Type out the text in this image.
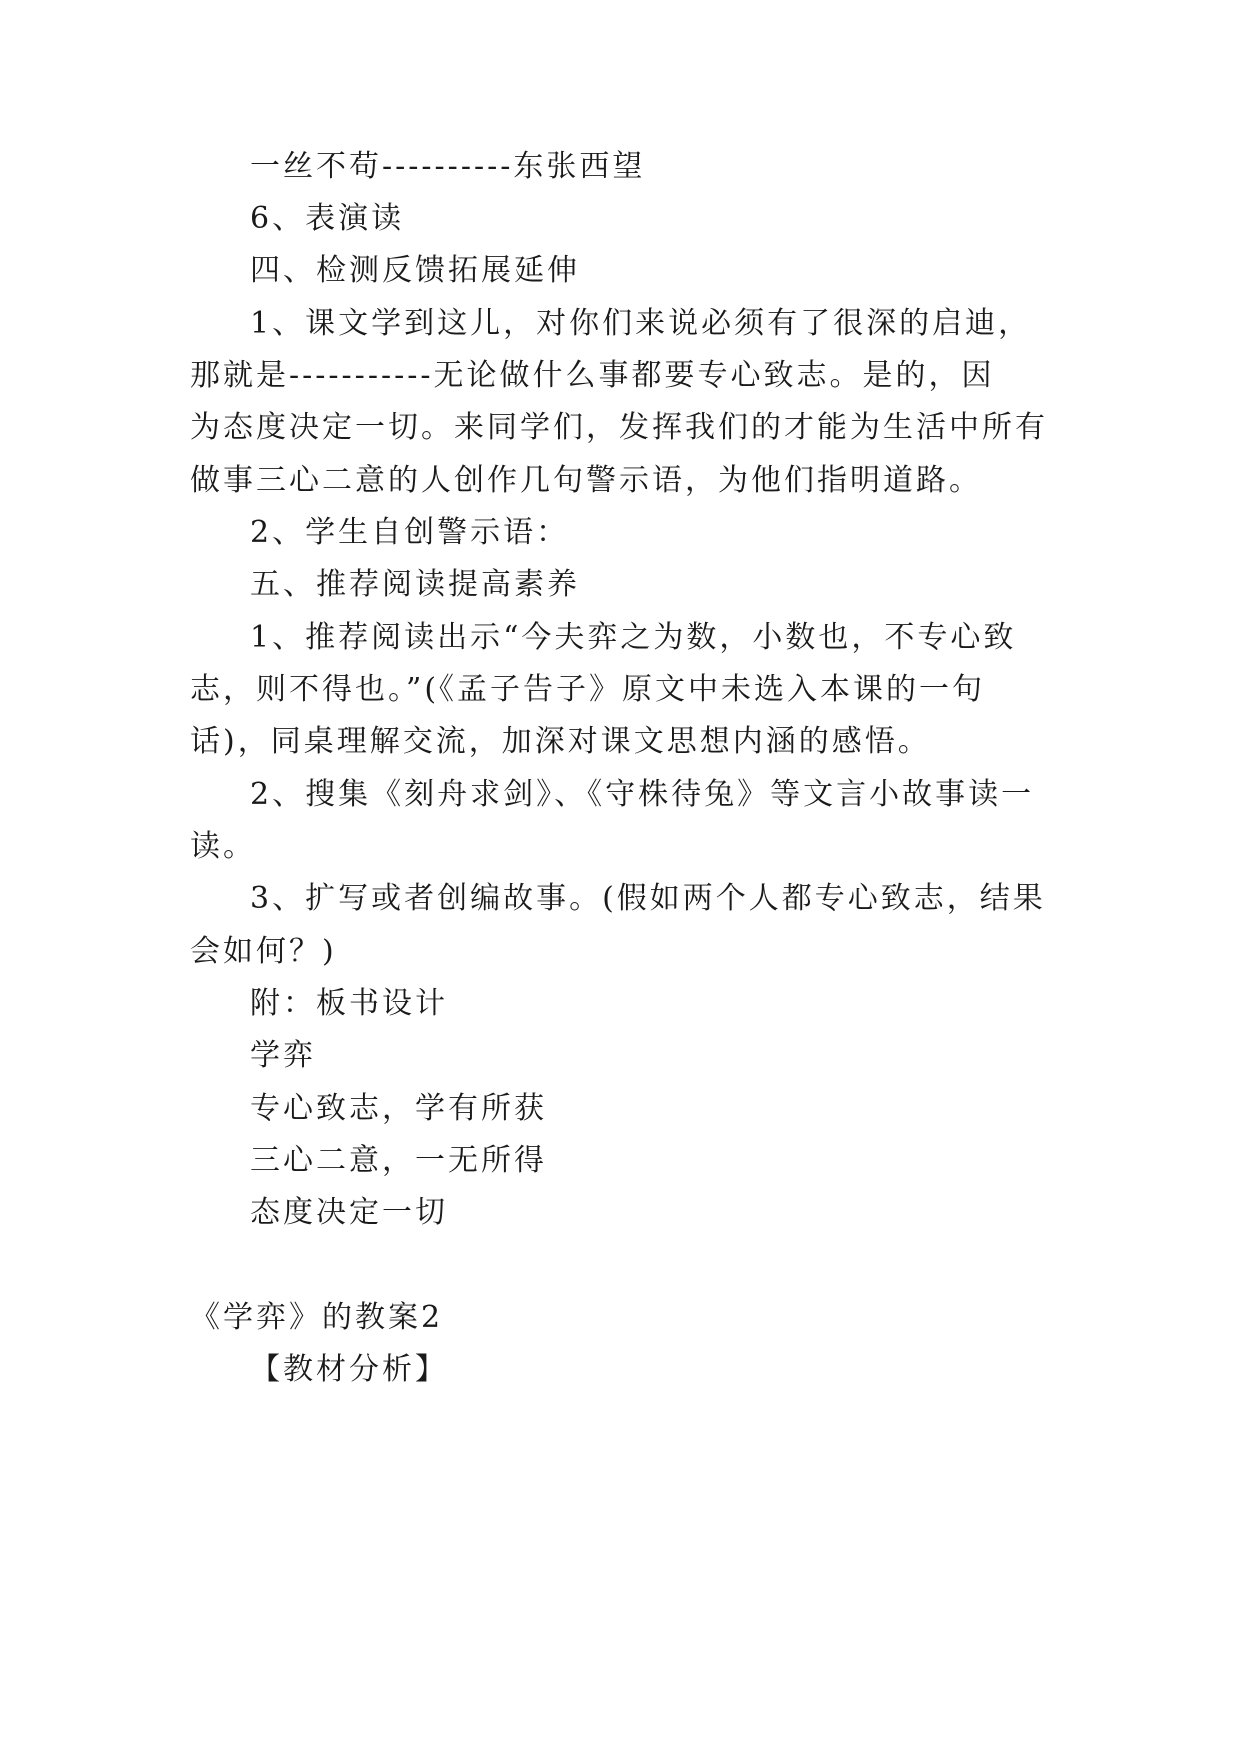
一丝不苟----------东张西望
6、表演读
四、检测反馈拓展延伸
1、课文学到这儿，对你们来说必须有了很深的启迪，
那就是-----------无论做什么事都要专心致志。是的，因
为态度决定一切。来同学们，发挥我们的才能为生活中所有
做事三心二意的人创作几句警示语，为他们指明道路。
2、学生自创警示语：
五、推荐阅读提高素养
1、推荐阅读出示“今夫弈之为数，小数也，不专心致
志，则不得也。”(《孟子告子》原文中未选入本课的一句
话)，同桌理解交流，加深对课文思想内涵的感悟。
2、搜集《刻舟求剑》、《守株待兔》等文言小故事读一
读。
3、扩写或者创编故事。(假如两个人都专心致志，结果
会如何？)
附：板书设计
学弈
专心致志，学有所获
三心二意，一无所得
态度决定一切
《学弈》的教案2
【教材分析】
